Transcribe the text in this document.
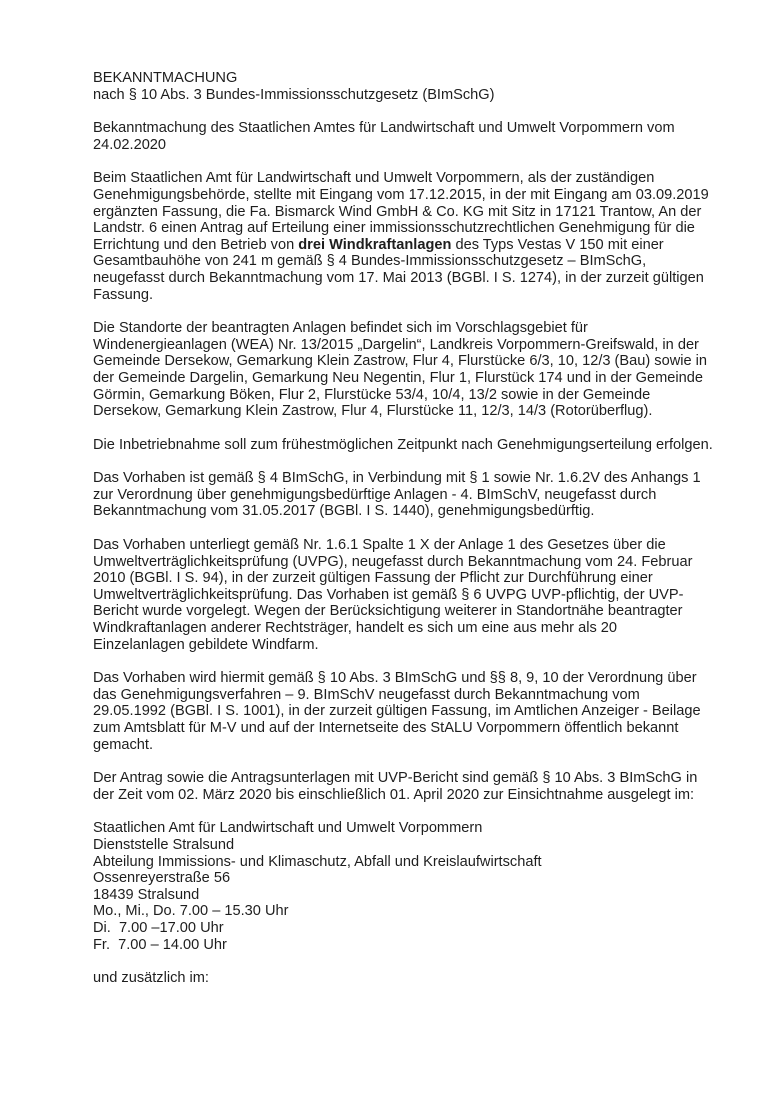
BEKANNTMACHUNG
nach § 10 Abs. 3 Bundes-Immissionsschutzgesetz (BImSchG)
Bekanntmachung des Staatlichen Amtes für Landwirtschaft und Umwelt Vorpommern vom
24.02.2020
Beim Staatlichen Amt für Landwirtschaft und Umwelt Vorpommern, als der zuständigen
Genehmigungsbehörde, stellte mit Eingang vom 17.12.2015, in der mit Eingang am 03.09.2019
ergänzten Fassung, die Fa. Bismarck Wind GmbH & Co. KG mit Sitz in 17121 Trantow, An der
Landstr. 6 einen Antrag auf Erteilung einer immissionsschutzrechtlichen Genehmigung für die
Errichtung und den Betrieb von drei Windkraftanlagen des Typs Vestas V 150 mit einer
Gesamtbauhöhe von 241 m gemäß § 4 Bundes-Immissionsschutzgesetz – BImSchG,
neugefasst durch Bekanntmachung vom 17. Mai 2013 (BGBl. I S. 1274), in der zurzeit gültigen
Fassung.
Die Standorte der beantragten Anlagen befindet sich im Vorschlagsgebiet für
Windenergieanlagen (WEA) Nr. 13/2015 „Dargelin“, Landkreis Vorpommern-Greifswald, in der
Gemeinde Dersekow, Gemarkung Klein Zastrow, Flur 4, Flurstücke 6/3, 10, 12/3 (Bau) sowie in
der Gemeinde Dargelin, Gemarkung Neu Negentin, Flur 1, Flurstück 174 und in der Gemeinde
Görmin, Gemarkung Böken, Flur 2, Flurstücke 53/4, 10/4, 13/2 sowie in der Gemeinde
Dersekow, Gemarkung Klein Zastrow, Flur 4, Flurstücke 11, 12/3, 14/3 (Rotorüberflug).
Die Inbetriebnahme soll zum frühestmöglichen Zeitpunkt nach Genehmigungserteilung erfolgen.
Das Vorhaben ist gemäß § 4 BImSchG, in Verbindung mit § 1 sowie Nr. 1.6.2V des Anhangs 1
zur Verordnung über genehmigungsbedürftige Anlagen - 4. BImSchV, neugefasst durch
Bekanntmachung vom 31.05.2017 (BGBl. I S. 1440), genehmigungsbedürftig.
Das Vorhaben unterliegt gemäß Nr. 1.6.1 Spalte 1 X der Anlage 1 des Gesetzes über die
Umweltverträglichkeitsprüfung (UVPG), neugefasst durch Bekanntmachung vom 24. Februar
2010 (BGBl. I S. 94), in der zurzeit gültigen Fassung der Pflicht zur Durchführung einer
Umweltverträglichkeitsprüfung. Das Vorhaben ist gemäß § 6 UVPG UVP-pflichtig, der UVP-
Bericht wurde vorgelegt. Wegen der Berücksichtigung weiterer in Standortnähe beantragter
Windkraftanlagen anderer Rechtsträger, handelt es sich um eine aus mehr als 20
Einzelanlagen gebildete Windfarm.
Das Vorhaben wird hiermit gemäß § 10 Abs. 3 BImSchG und §§ 8, 9, 10 der Verordnung über
das Genehmigungsverfahren – 9. BImSchV neugefasst durch Bekanntmachung vom
29.05.1992 (BGBl. I S. 1001), in der zurzeit gültigen Fassung, im Amtlichen Anzeiger - Beilage
zum Amtsblatt für M-V und auf der Internetseite des StALU Vorpommern öffentlich bekannt
gemacht.
Der Antrag sowie die Antragsunterlagen mit UVP-Bericht sind gemäß § 10 Abs. 3 BImSchG in
der Zeit vom 02. März 2020 bis einschließlich 01. April 2020 zur Einsichtnahme ausgelegt im:
Staatlichen Amt für Landwirtschaft und Umwelt Vorpommern
Dienststelle Stralsund
Abteilung Immissions- und Klimaschutz, Abfall und Kreislaufwirtschaft
Ossenreyerstraße 56
18439 Stralsund
Mo., Mi., Do. 7.00 – 15.30 Uhr
Di.  7.00 –17.00 Uhr
Fr.  7.00 – 14.00 Uhr
und zusätzlich im:
